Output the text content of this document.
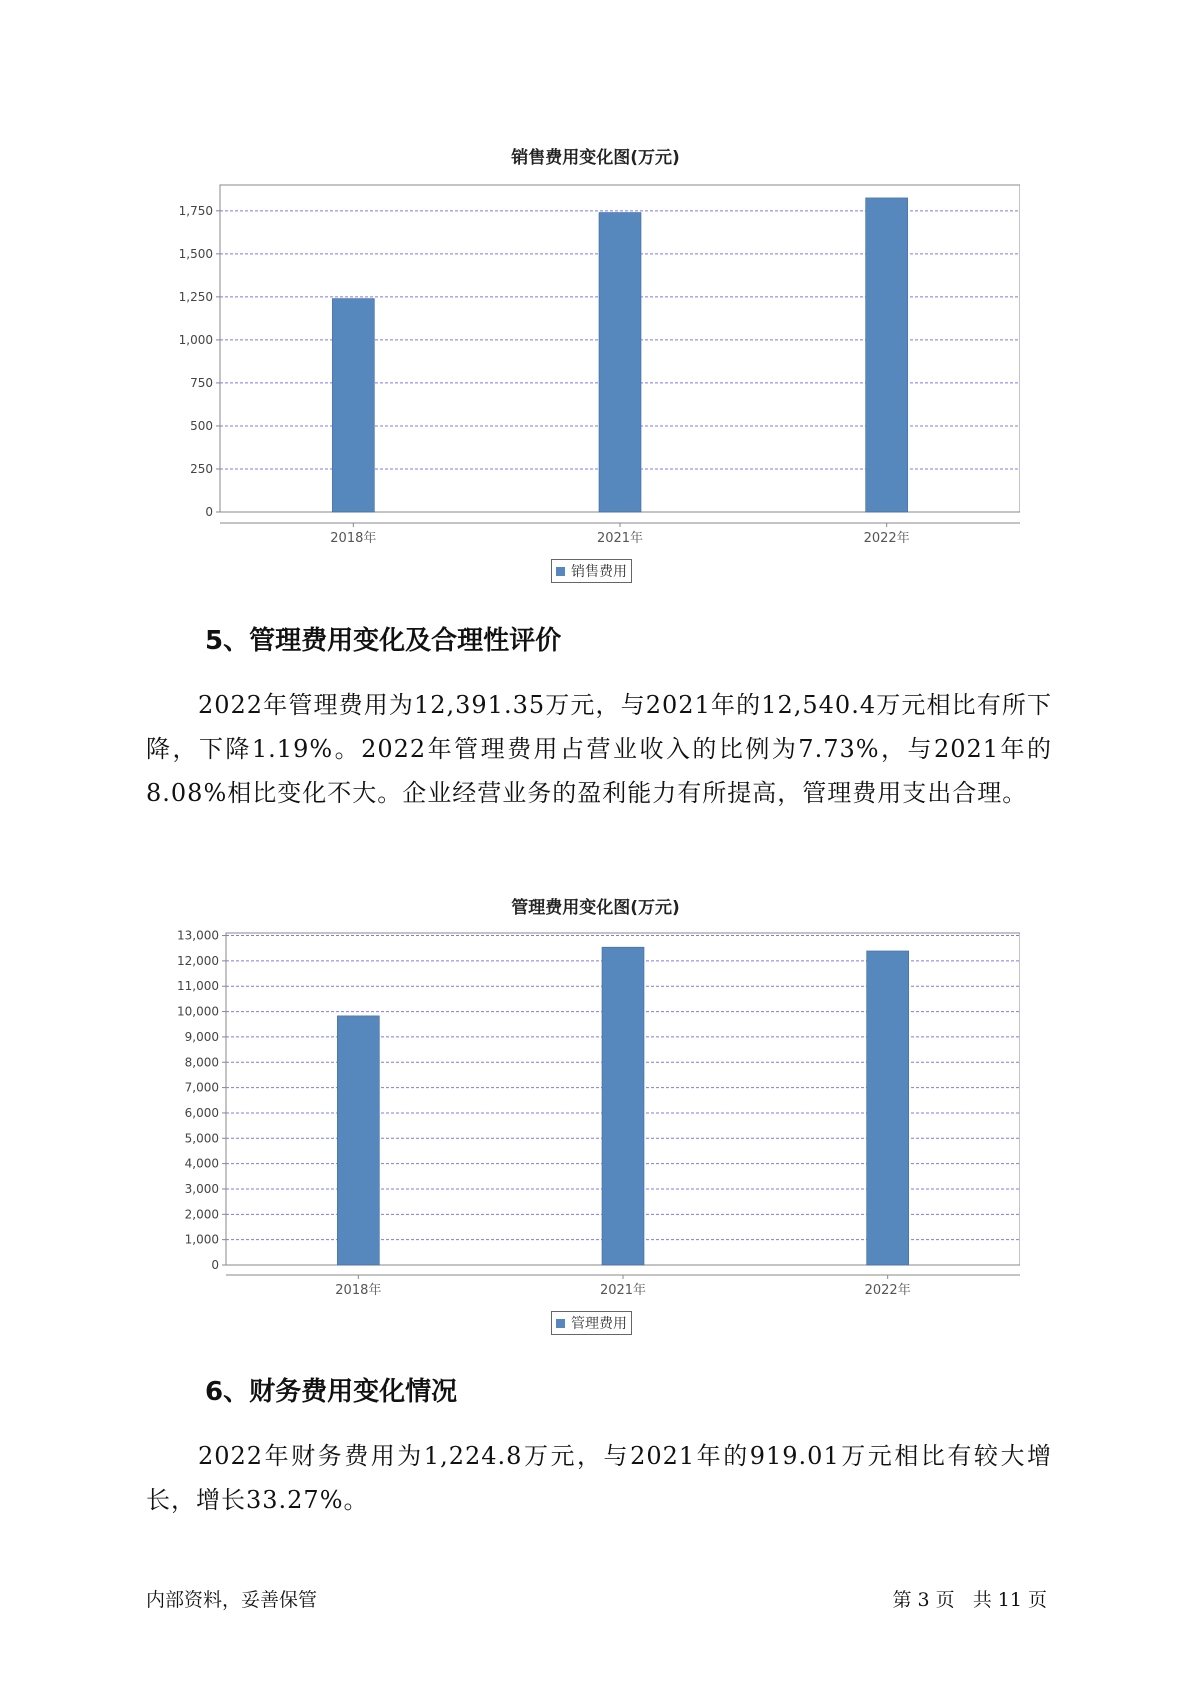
销售费用变化图(万元)
0
250
500
750
1,000
1,250
1,500
1,750
2018年	2021年	2022年
销售费用
5、管理费用变化及合理性评价

2022年管理费用为12,391.35万元，与2021年的12,540.4万元相比有所下降，下降1.19%。2022年管理费用占营业收入的比例为7.73%，与2021年的8.08%相比变化不大。企业经营业务的盈利能力有所提高，管理费用支出合理。

管理费用变化图(万元)
0
1,000
2,000
3,000
4,000
5,000
6,000
7,000
8,000
9,000
10,000
11,000
12,000
13,000
2018年	2021年	2022年
管理费用
6、财务费用变化情况

2022年财务费用为1,224.8万元，与2021年的919.01万元相比有较大增长，增长33.27%。

内部资料，妥善保管	第 3 页   共 11 页
